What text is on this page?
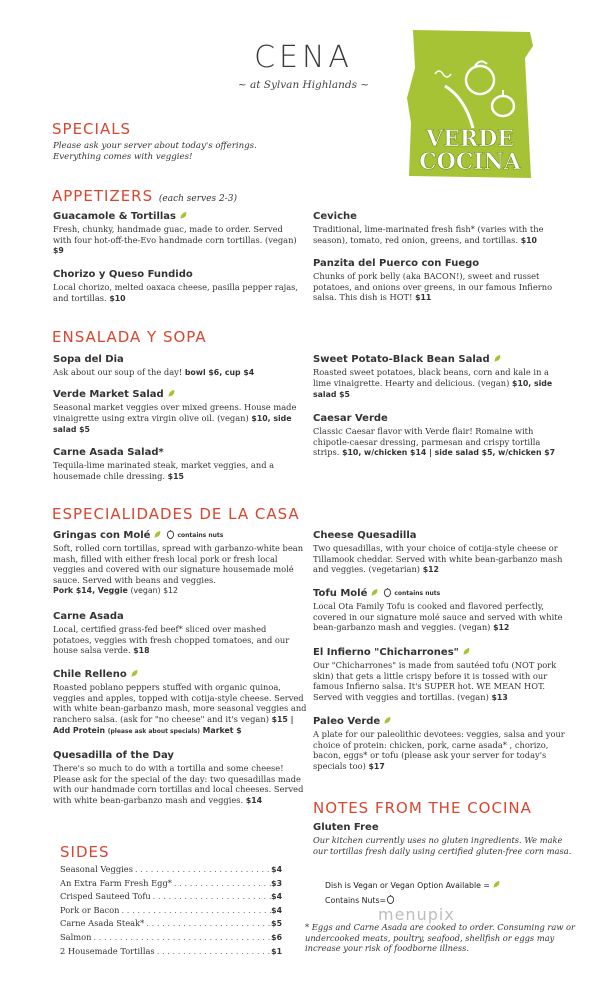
CENA
~ at Sylvan Highlands ~
VERDE
COCINA
SPECIALS
Please ask your server about today's offerings.
Everything comes with veggies!
APPETIZERS (each serves 2-3)
Guacamole & Tortillas

Fresh, chunky, handmade guac, made to order. Served with four hot-off-the-Evo handmade corn tortillas. (vegan) $9

Chorizo y Queso Fundido

Local chorizo, melted oaxaca cheese, pasilla pepper rajas, and tortillas. $10

Ceviche

Traditional, lime-marinated fresh fish* (varies with the season), tomato, red onion, greens, and tortillas. $10

Panzita del Puerco con Fuego

Chunks of pork belly (aka BACON!), sweet and russet potatoes, and onions over greens, in our famous Infierno salsa. This dish is HOT! $11

ENSALADA Y SOPA
Sopa del Dia

Ask about our soup of the day! bowl $6, cup $4

Verde Market Salad

Seasonal market veggies over mixed greens. House made vinaigrette using extra virgin olive oil. (vegan) $10, side salad $5

Carne Asada Salad*

Tequila-lime marinated steak, market veggies, and a housemade chile dressing. $15

Sweet Potato-Black Bean Salad

Roasted sweet potatoes, black beans, corn and kale in a lime vinaigrette. Hearty and delicious. (vegan) $10, side salad $5

Caesar Verde

Classic Caesar flavor with Verde flair! Romaine with chipotle-caesar dressing, parmesan and crispy tortilla strips. $10, w/chicken $14 | side salad $5, w/chicken $7

ESPECIALIDADES DE LA CASA
Gringas con Molé	contains nuts

Soft, rolled corn tortillas, spread with garbanzo-white bean mash, filled with either fresh local pork or fresh local veggies and covered with our signature housemade molé sauce. Served with beans and veggies.
Pork $14, Veggie (vegan) $12

Carne Asada

Local, certified grass-fed beef* sliced over mashed potatoes, veggies with fresh chopped tomatoes, and our house salsa verde. $18

Chile Relleno

Roasted poblano peppers stuffed with organic quinoa, veggies and apples, topped with cotija-style cheese. Served with white bean-garbanzo mash, more seasonal veggies and ranchero salsa. (ask for "no cheese" and it's vegan) $15 | Add Protein (please ask about specials) Market $

Quesadilla of the Day

There's so much to do with a tortilla and some cheese! Please ask for the special of the day: two quesadillas made with our handmade corn tortillas and local cheeses. Served with white bean-garbanzo mash and veggies. $14

Cheese Quesadilla

Two quesadillas, with your choice of cotija-style cheese or Tillamook cheddar. Served with white bean-garbanzo mash and veggies. (vegetarian) $12

Tofu Molé	contains nuts

Local Ota Family Tofu is cooked and flavored perfectly, covered in our signature molé sauce and served with white bean-garbanzo mash and veggies. (vegan) $12

El Infierno "Chicharrones"

Our "Chicharrones" is made from sautéed tofu (NOT pork skin) that gets a little crispy before it is tossed with our famous Infierno salsa. It's SUPER hot. WE MEAN HOT. Served with veggies and tortillas. (vegan) $13

Paleo Verde

A plate for our paleolithic devotees: veggies, salsa and your choice of protein: chicken, pork, carne asada* , chorizo, bacon, eggs* or tofu (please ask your server for today's specials too) $17

NOTES FROM THE COCINA
Gluten Free

Our kitchen currently uses no gluten ingredients. We make our tortillas fresh daily using certified gluten-free corn masa.

Dish is Vegan or Vegan Option Available =
Contains Nuts=
menupix
* Eggs and Carne Asada are cooked to order. Consuming raw or undercooked meats, poultry, seafood, shellfish or eggs may increase your risk of foodborne illness.
SIDES
Seasonal Veggies . . .	$4
An Extra Farm Fresh Egg* . . .	$3
Crisped Sauteed Tofu . . .	$4
Pork or Bacon . . .	$4
Carne Asada Steak* . . .	$5
Salmon . . .	$6
2 Housemade Tortillas . . .	$1
